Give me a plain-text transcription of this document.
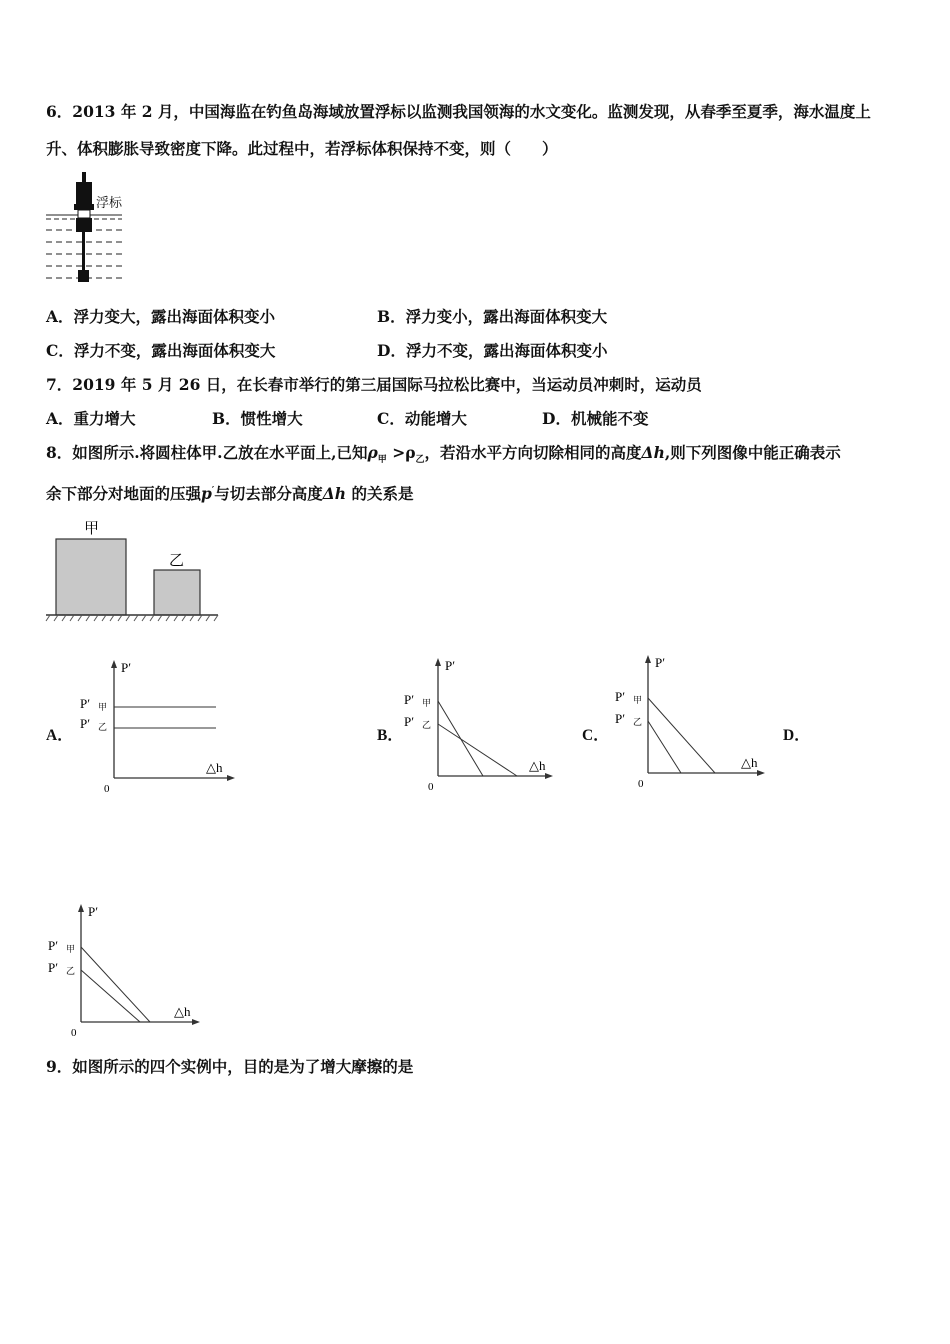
6．2013 年 2 月，中国海监在钓鱼岛海域放置浮标以监测我国领海的水文变化。监测发现，从春季至夏季，海水温度上
升、体积膨胀导致密度下降。此过程中，若浮标体积保持不变，则（　　）
浮标
A．浮力变大，露出海面体积变小	B．浮力变小，露出海面体积变大
C．浮力不变，露出海面体积变大	D．浮力不变，露出海面体积变小
7．2019 年 5 月 26 日，在长春市举行的第三届国际马拉松比赛中，当运动员冲刺时，运动员
A．重力增大	B．惯性增大	C．动能增大	D．机械能不变
8．如图所示.将圆柱体甲.乙放在水平面上,已知$\rho_甲 >\rho_乙$，若沿水平方向切除相同的高度Δh,则下列图像中能正确表示
余下部分对地面的压强p′与切去部分高度Δh 的关系是
甲
乙
A．
P′
P′ 甲
P′ 乙
△h
0
B．
P′
P′ 甲
P′ 乙
△h
0
C．
P′
P′ 甲
P′ 乙
△h
0
D．
P′
P′ 甲
P′ 乙
△h
0
9．如图所示的四个实例中，目的是为了增大摩擦的是
